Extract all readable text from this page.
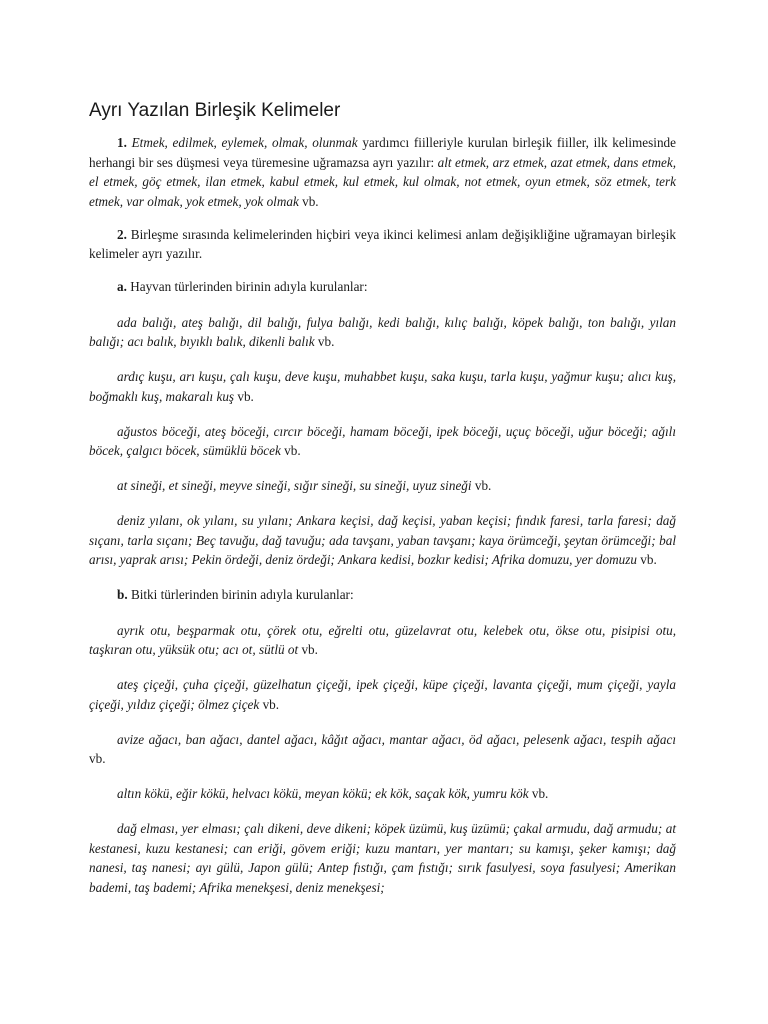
Ayrı Yazılan Birleşik Kelimeler

1. Etmek, edilmek, eylemek, olmak, olunmak yardımcı fiilleriyle kurulan birleşik fiiller, ilk kelimesinde herhangi bir ses düşmesi veya türemesine uğramazsa ayrı yazılır: alt etmek, arz etmek, azat etmek, dans etmek, el etmek, göç etmek, ilan etmek, kabul etmek, kul etmek, kul olmak, not etmek, oyun etmek, söz etmek, terk etmek, var olmak, yok etmek, yok olmak vb.

2. Birleşme sırasında kelimelerinden hiçbiri veya ikinci kelimesi anlam değişikliğine uğramayan birleşik kelimeler ayrı yazılır.

a. Hayvan türlerinden birinin adıyla kurulanlar:

ada balığı, ateş balığı, dil balığı, fulya balığı, kedi balığı, kılıç balığı, köpek balığı, ton balığı, yılan balığı; acı balık, bıyıklı balık, dikenli balık vb.

ardıç kuşu, arı kuşu, çalı kuşu, deve kuşu, muhabbet kuşu, saka kuşu, tarla kuşu, yağmur kuşu; alıcı kuş, boğmaklı kuş, makaralı kuş vb.

ağustos böceği, ateş böceği, cırcır böceği, hamam böceği, ipek böceği, uçuç böceği, uğur böceği; ağılı böcek, çalgıcı böcek, sümüklü böcek vb.

at sineği, et sineği, meyve sineği, sığır sineği, su sineği, uyuz sineği vb.

deniz yılanı, ok yılanı, su yılanı; Ankara keçisi, dağ keçisi, yaban keçisi; fındık faresi, tarla faresi; dağ sıçanı, tarla sıçanı; Beç tavuğu, dağ tavuğu; ada tavşanı, yaban tavşanı; kaya örümceği, şeytan örümceği; bal arısı, yaprak arısı; Pekin ördeği, deniz ördeği; Ankara kedisi, bozkır kedisi; Afrika domuzu, yer domuzu vb.

b. Bitki türlerinden birinin adıyla kurulanlar:

ayrık otu, beşparmak otu, çörek otu, eğrelti otu, güzelavrat otu, kelebek otu, ökse otu, pisipisi otu, taşkıran otu, yüksük otu; acı ot, sütlü ot vb.

ateş çiçeği, çuha çiçeği, güzelhatun çiçeği, ipek çiçeği, küpe çiçeği, lavanta çiçeği, mum çiçeği, yayla çiçeği, yıldız çiçeği; ölmez çiçek vb.

avize ağacı, ban ağacı, dantel ağacı, kâğıt ağacı, mantar ağacı, öd ağacı, pelesenk ağacı, tespih ağacı vb.

altın kökü, eğir kökü, helvacı kökü, meyan kökü; ek kök, saçak kök, yumru kök vb.

dağ elması, yer elması; çalı dikeni, deve dikeni; köpek üzümü, kuş üzümü; çakal armudu, dağ armudu; at kestanesi, kuzu kestanesi; can eriği, gövem eriği; kuzu mantarı, yer mantarı; su kamışı, şeker kamışı; dağ nanesi, taş nanesi; ayı gülü, Japon gülü; Antep fıstığı, çam fıstığı; sırık fasulyesi, soya fasulyesi; Amerikan bademi, taş bademi; Afrika menekşesi, deniz menekşesi;
